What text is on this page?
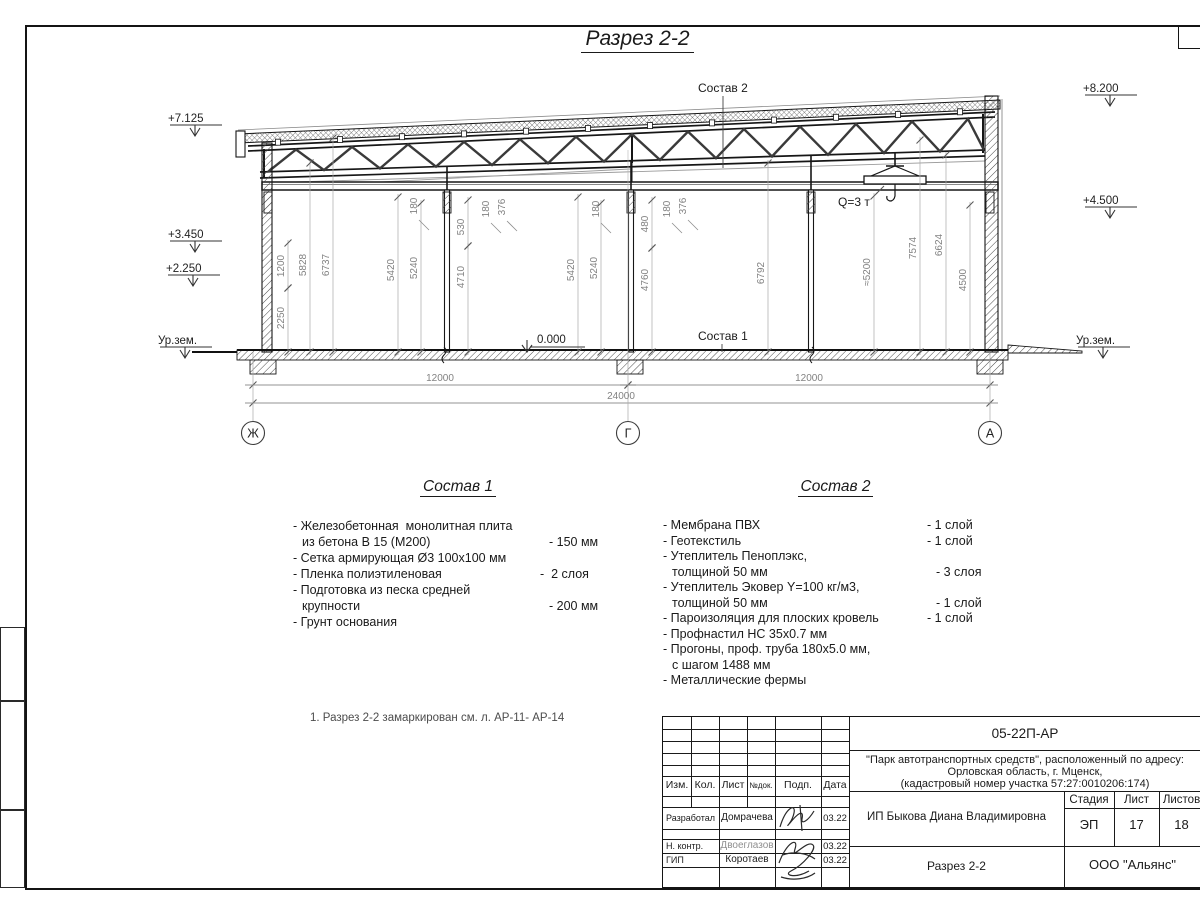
Разрез 2-2
1200
2250
5828 6737	5420 5240
530
4710	5420 5240
480
4760	6792	≈5200
7574 6624
4500
180	180 376	180	180 376
12000	12000
24000
Ж	Г	А
+7.125
+3.450
+2.250
Ур.зем.
+8.200
+4.500
Ур.зем.
Состав 2
Состав 1
0.000
Q=3 т
Состав 1
- Железобетонная  монолитная плита
из бетона В 15 (М200)	- 150 мм
- Сетка армирующая Ø3 100х100 мм
- Пленка полиэтиленовая	-  2 слоя
- Подготовка из песка средней
крупности	- 200 мм
- Грунт основания
Состав 2
- Мембрана ПВХ	- 1 слой
- Геотекстиль	- 1 слой
- Утеплитель Пеноплэкс,
толщиной 50 мм	- 3 слоя
- Утеплитель Эковер Y=100 кг/м3,
толщиной 50 мм	- 1 слой
- Пароизоляция для плоских кровель	- 1 слой
- Профнастил НС 35х0.7 мм
- Прогоны, проф. труба 180х5.0 мм,
с шагом 1488 мм
- Металлические фермы
1. Разрез 2-2 замаркирован см. л. АР-11- АР-14
Изм. Кол. Лист №док.	Подп.	Дата
Разработал Домрачева	03.22
Н. контр. Двоеглазов	03.22
ГИП	Коротаев	03.22
05-22П-АР
"Парк автотранспортных средств", расположенный по адресу:
Орловская область, г. Мценск,
(кадастровый номер участка 57:27:0010206:174)
ИП Быкова Диана Владимировна
Стадия	Лист	Листов
ЭП	17	18
Разрез 2-2	ООО "Альянс"
